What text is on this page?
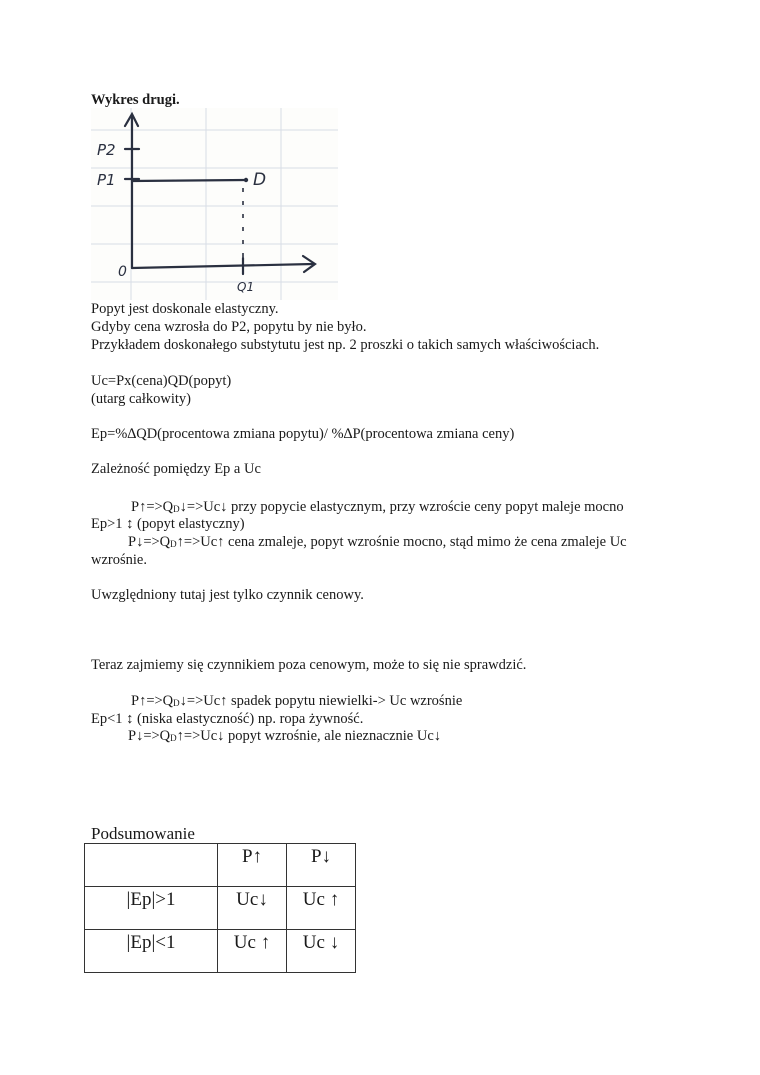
Wykres drugi.
P2
P1	D
0
Q1
Popyt jest doskonale elastyczny.
Gdyby cena wzrosła do P2, popytu by nie było.
Przykładem doskonałego substytutu jest np. 2 proszki o takich samych właściwościach.
Uc=Px(cena)QD(popyt)
(utarg całkowity)
Ep=%∆QD(procentowa zmiana popytu)/ %∆P(procentowa zmiana ceny)
Zależność pomiędzy Ep a Uc
P↑=>QD↓=>Uc↓ przy popycie elastycznym, przy wzroście ceny popyt maleje mocno
Ep>1 ↕ (popyt elastyczny)
P↓=>QD↑=>Uc↑ cena zmaleje, popyt wzrośnie mocno, stąd mimo że cena zmaleje Uc
wzrośnie.
Uwzględniony tutaj jest tylko czynnik cenowy.
Teraz zajmiemy się czynnikiem poza cenowym, może to się nie sprawdzić.
P↑=>QD↓=>Uc↑ spadek popytu niewielki-> Uc wzrośnie
Ep<1 ↕ (niska elastyczność) np. ropa żywność.
P↓=>QD↑=>Uc↓ popyt wzrośnie, ale nieznacznie Uc↓
Podsumowanie
	P↑	P↓
|Ep|>1	Uc↓	Uc ↑
|Ep|<1	Uc ↑	Uc ↓
